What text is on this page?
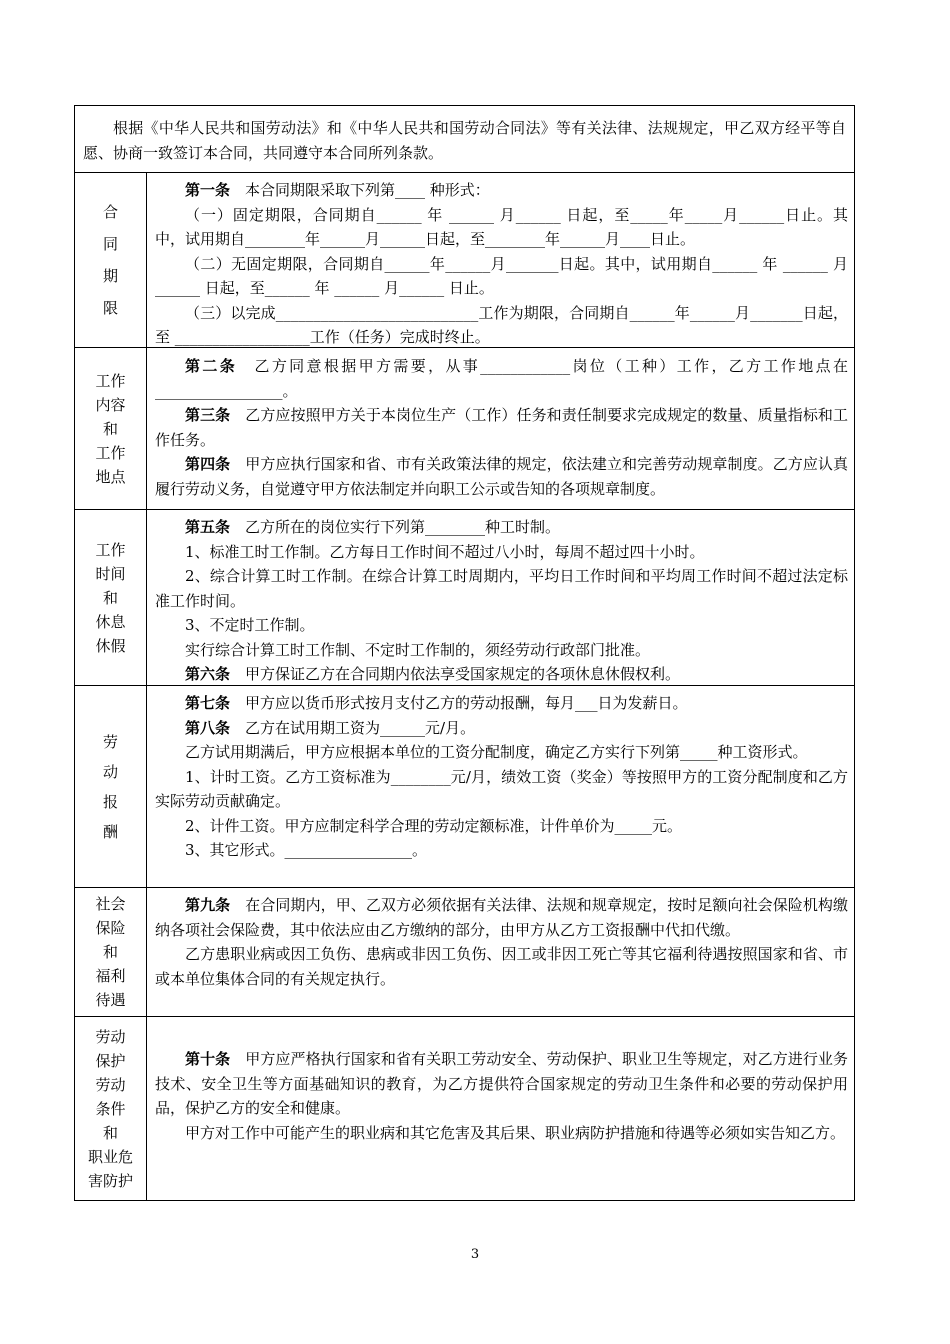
根据《中华人民共和国劳动法》和《中华人民共和国劳动合同法》等有关法律、法规规定，甲乙双方经平等自愿、协商一致签订本合同，共同遵守本合同所列条款。

合
同
期
限

第一条　本合同期限采取下列第____ 种形式：

（一）固定期限，合同期自______ 年 ______ 月______ 日起，至_____年_____月______日止。其中，试用期自________年______月______日起，至________年______月____日止。

（二）无固定期限，合同期自______年______月_______日起。其中，试用期自______ 年 ______ 月______ 日起，至______ 年 ______ 月______ 日止。

（三）以完成___________________________工作为期限，合同期自______年______月_______日起，至 __________________工作（任务）完成时终止。

工作
内容
和
工作
地点

第二条　乙方同意根据甲方需要，从事____________岗位（工种）工作，乙方工作地点在_________________。

第三条　乙方应按照甲方关于本岗位生产（工作）任务和责任制要求完成规定的数量、质量指标和工作任务。

第四条　甲方应执行国家和省、市有关政策法律的规定，依法建立和完善劳动规章制度。乙方应认真履行劳动义务，自觉遵守甲方依法制定并向职工公示或告知的各项规章制度。

工作
时间
和
休息
休假

第五条　乙方所在的岗位实行下列第________种工时制。

1、标准工时工作制。乙方每日工作时间不超过八小时，每周不超过四十小时。

2、综合计算工时工作制。在综合计算工时周期内，平均日工作时间和平均周工作时间不超过法定标准工作时间。

3、不定时工作制。

实行综合计算工时工作制、不定时工作制的，须经劳动行政部门批准。

第六条　甲方保证乙方在合同期内依法享受国家规定的各项休息休假权利。

劳
动
报
酬

第七条　甲方应以货币形式按月支付乙方的劳动报酬，每月___日为发薪日。

第八条　乙方在试用期工资为______元/月。

乙方试用期满后，甲方应根据本单位的工资分配制度，确定乙方实行下列第_____种工资形式。

1、计时工资。乙方工资标准为________元/月，绩效工资（奖金）等按照甲方的工资分配制度和乙方实际劳动贡献确定。

2、计件工资。甲方应制定科学合理的劳动定额标准，计件单价为_____元。

3、其它形式。_________________。

社会
保险
和
福利
待遇

第九条　在合同期内，甲、乙双方必须依据有关法律、法规和规章规定，按时足额向社会保险机构缴纳各项社会保险费，其中依法应由乙方缴纳的部分，由甲方从乙方工资报酬中代扣代缴。

乙方患职业病或因工负伤、患病或非因工负伤、因工或非因工死亡等其它福利待遇按照国家和省、市或本单位集体合同的有关规定执行。

劳动
保护
劳动
条件
和
职业危
害防护

第十条　甲方应严格执行国家和省有关职工劳动安全、劳动保护、职业卫生等规定，对乙方进行业务技术、安全卫生等方面基础知识的教育，为乙方提供符合国家规定的劳动卫生条件和必要的劳动保护用品，保护乙方的安全和健康。

甲方对工作中可能产生的职业病和其它危害及其后果、职业病防护措施和待遇等必须如实告知乙方。

3
